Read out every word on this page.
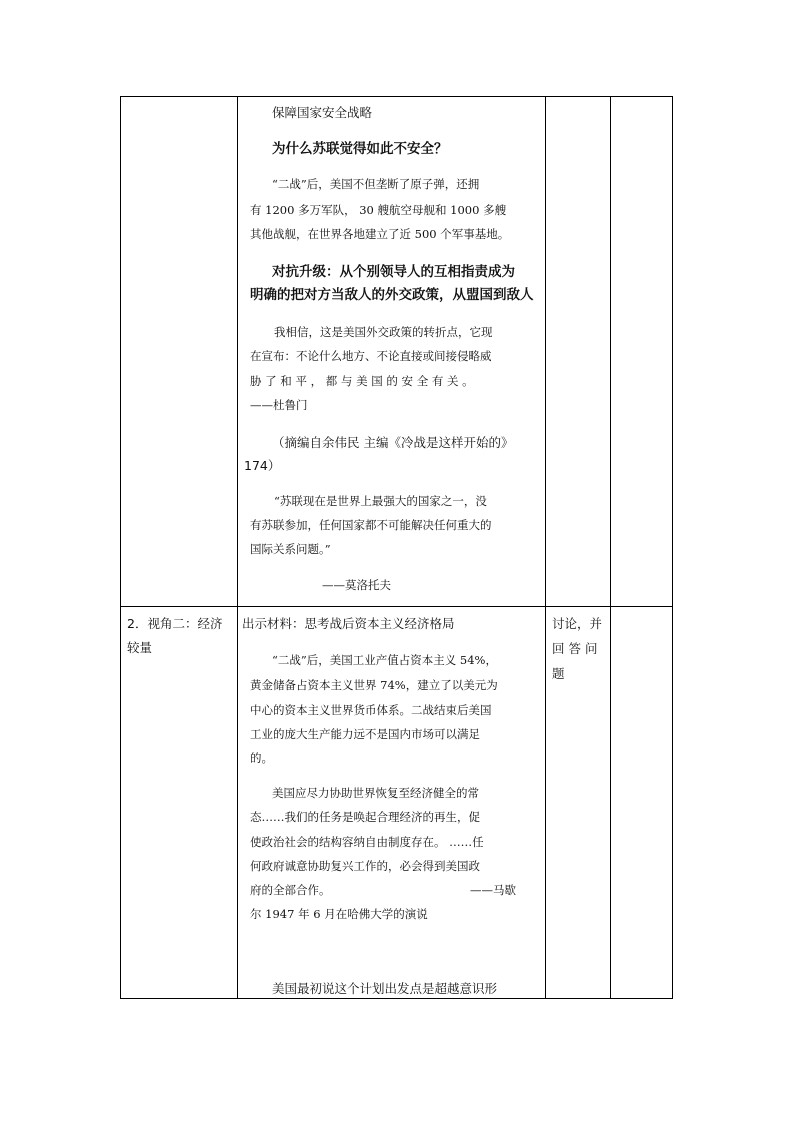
保障国家安全战略

为什么苏联觉得如此不安全？

“二战”后，美国不但垄断了原子弹，还拥

有 1200 多万军队， 30 艘航空母舰和 1000 多艘

其他战舰，在世界各地建立了近 500 个军事基地。

对抗升级：从个别领导人的互相指责成为

明确的把对方当敌人的外交政策，从盟国到敌人

我相信，这是美国外交政策的转折点，它现

在宣布：不论什么地方、不论直接或间接侵略威

胁 了 和 平 ， 都 与 美 国 的 安 全 有 关 。

——杜鲁门

（摘编自余伟民 主编《冷战是这样开始的》

174）

“苏联现在是世界上最强大的国家之一，没

有苏联参加，任何国家都不可能解决任何重大的

国际关系问题。”

——莫洛托夫

2．视角二：经济

较量

出示材料：思考战后资本主义经济格局

“二战”后，美国工业产值占资本主义 54%，

黄金储备占资本主义世界 74%，建立了以美元为

中心的资本主义世界货币体系。二战结束后美国

工业的庞大生产能力远不是国内市场可以满足

的。

美国应尽力协助世界恢复至经济健全的常

态……我们的任务是唤起合理经济的再生，促

使政治社会的结构容纳自由制度存在。 ……任

何政府诚意协助复兴工作的，必会得到美国政

府的全部合作。	——马歇

尔 1947 年 6 月在哈佛大学的演说

美国最初说这个计划出发点是超越意识形

讨论，并

回 答 问

题
